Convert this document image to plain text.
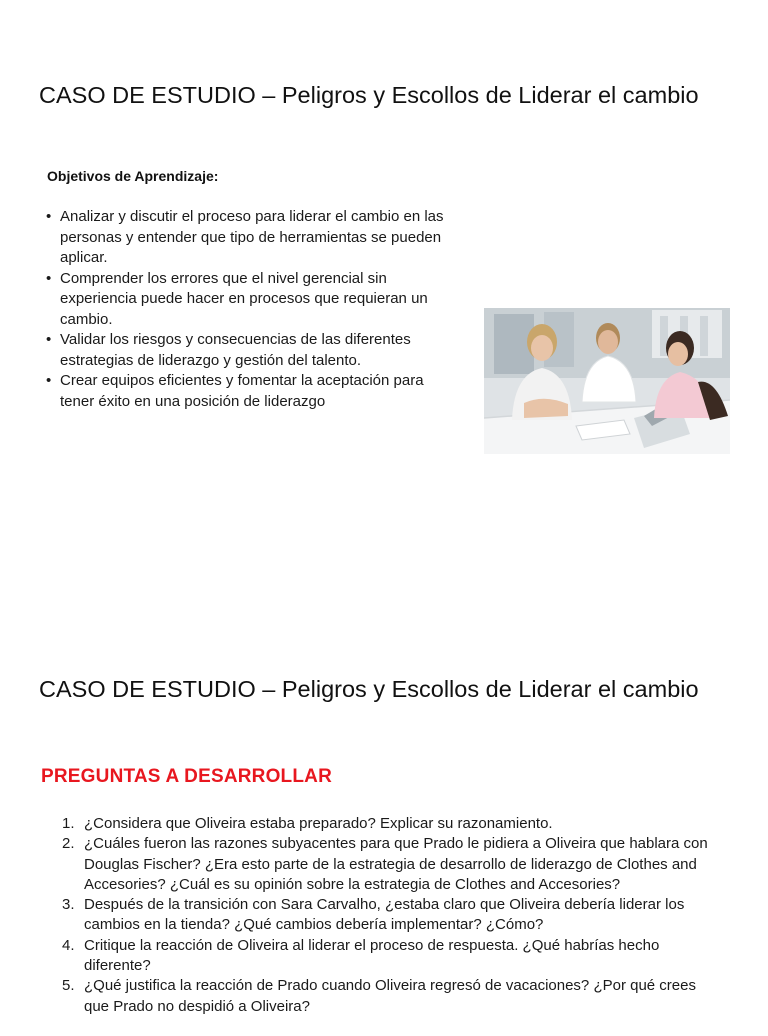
CASO DE ESTUDIO – Peligros y Escollos de Liderar el cambio

Objetivos de Aprendizaje:

• Analizar y discutir el proceso para liderar el cambio en las personas y entender que tipo de herramientas se pueden aplicar.
• Comprender los errores que el nivel gerencial sin experiencia puede hacer en procesos que requieran un cambio.
• Validar los riesgos y consecuencias de las diferentes estrategias de liderazgo y gestión del talento.
• Crear equipos eficientes y fomentar la aceptación para tener éxito en una posición de liderazgo
CASO DE ESTUDIO – Peligros y Escollos de Liderar el cambio

PREGUNTAS A DESARROLLAR

1. ¿Considera que Oliveira estaba preparado? Explicar su razonamiento.
2. ¿Cuáles fueron las razones subyacentes para que Prado le pidiera a Oliveira que hablara con Douglas Fischer? ¿Era esto parte de la estrategia de desarrollo de liderazgo de Clothes and Accesories? ¿Cuál es su opinión sobre la estrategia de Clothes and Accesories?
3. Después de la transición con Sara Carvalho, ¿estaba claro que Oliveira debería liderar los cambios en la tienda? ¿Qué cambios debería implementar? ¿Cómo?
4. Critique la reacción de Oliveira al liderar el proceso de respuesta. ¿Qué habrías hecho diferente?
5. ¿Qué justifica la reacción de Prado cuando Oliveira regresó de vacaciones? ¿Por qué crees que Prado no despidió a Oliveira?
